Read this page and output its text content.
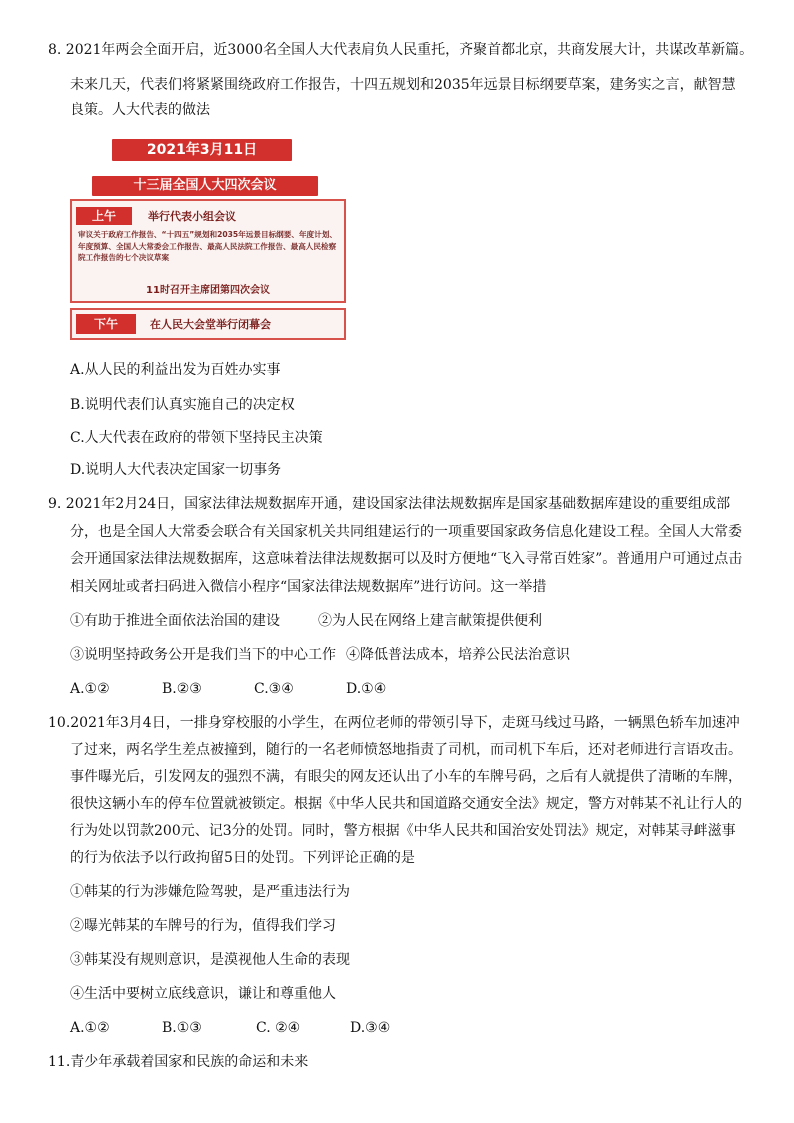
8. 2021年两会全面开启，近3000名全国人大代表肩负人民重托，齐聚首都北京，共商发展大计，共谋改革新篇。
未来几天，代表们将紧紧围绕政府工作报告，十四五规划和2035年远景目标纲要草案，建务实之言，献智慧
良策。人大代表的做法
2021年3月11日
十三届全国人大四次会议
上午	举行代表小组会议
审议关于政府工作报告、“十四五”规划和2035年远景目标纲要、年度计划、年度预算、全国人大常委会工作报告、最高人民法院工作报告、最高人民检察院工作报告的七个决议草案
11时召开主席团第四次会议
下午	在人民大会堂举行闭幕会
A.从人民的利益出发为百姓办实事
B.说明代表们认真实施自己的决定权
C.人大代表在政府的带领下坚持民主决策
D.说明人大代表决定国家一切事务
9. 2021年2月24日，国家法律法规数据库开通，建设国家法律法规数据库是国家基础数据库建设的重要组成部
分，也是全国人大常委会联合有关国家机关共同组建运行的一项重要国家政务信息化建设工程。全国人大常委
会开通国家法律法规数据库，这意味着法律法规数据可以及时方便地“飞入寻常百姓家”。普通用户可通过点击
相关网址或者扫码进入微信小程序“国家法律法规数据库”进行访问。这一举措
①有助于推进全面依法治国的建设	②为人民在网络上建言献策提供便利
③说明坚持政务公开是我们当下的中心工作 ④降低普法成本，培养公民法治意识
A.①②	B.②③	C.③④	D.①④
10.2021年3月4日，一排身穿校服的小学生，在两位老师的带领引导下，走斑马线过马路，一辆黑色轿车加速冲
了过来，两名学生差点被撞到，随行的一名老师愤怒地指责了司机，而司机下车后，还对老师进行言语攻击。
事件曝光后，引发网友的强烈不满，有眼尖的网友还认出了小车的车牌号码，之后有人就提供了清晰的车牌，
很快这辆小车的停车位置就被锁定。根据《中华人民共和国道路交通安全法》规定，警方对韩某不礼让行人的
行为处以罚款200元、记3分的处罚。同时，警方根据《中华人民共和国治安处罚法》规定，对韩某寻衅滋事
的行为依法予以行政拘留5日的处罚。下列评论正确的是
①韩某的行为涉嫌危险驾驶，是严重违法行为
②曝光韩某的车牌号的行为，值得我们学习
③韩某没有规则意识，是漠视他人生命的表现
④生活中要树立底线意识，谦让和尊重他人
A.①②	B.①③	C. ②④	D.③④
11.青少年承载着国家和民族的命运和未来
